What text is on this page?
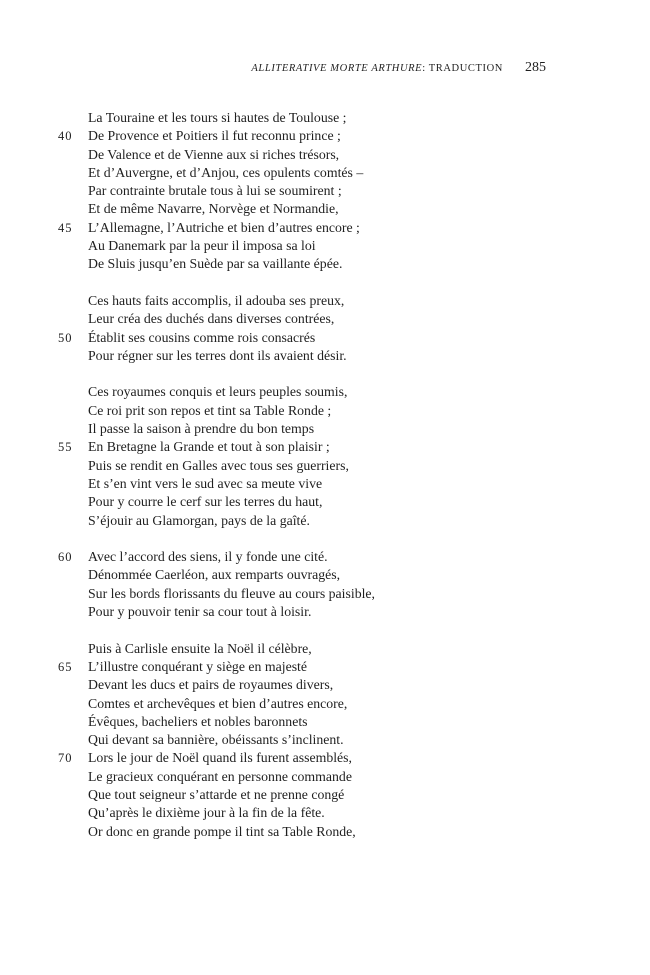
ALLITERATIVE MORTE ARTHURE : TRADUCTION 285
La Touraine et les tours si hautes de Toulouse ;
40	De Provence et Poitiers il fut reconnu prince ;
De Valence et de Vienne aux si riches trésors,
Et d’Auvergne, et d’Anjou, ces opulents comtés –
Par contrainte brutale tous à lui se soumirent ;
Et de même Navarre, Norvège et Normandie,
45	L’Allemagne, l’Autriche et bien d’autres encore ;
Au Danemark par la peur il imposa sa loi
De Sluis jusqu’en Suède par sa vaillante épée.
Ces hauts faits accomplis, il adouba ses preux,
Leur créa des duchés dans diverses contrées,
50	Établit ses cousins comme rois consacrés
Pour régner sur les terres dont ils avaient désir.
Ces royaumes conquis et leurs peuples soumis,
Ce roi prit son repos et tint sa Table Ronde ;
Il passe la saison à prendre du bon temps
55	En Bretagne la Grande et tout à son plaisir ;
Puis se rendit en Galles avec tous ses guerriers,
Et s’en vint vers le sud avec sa meute vive
Pour y courre le cerf sur les terres du haut,
S’éjouir au Glamorgan, pays de la gaîté.
60	Avec l’accord des siens, il y fonde une cité.
Dénommée Caerléon, aux remparts ouvragés,
Sur les bords florissants du fleuve au cours paisible,
Pour y pouvoir tenir sa cour tout à loisir.
Puis à Carlisle ensuite la Noël il célèbre,
65	L’illustre conquérant y siège en majesté
Devant les ducs et pairs de royaumes divers,
Comtes et archevêques et bien d’autres encore,
Évêques, bacheliers et nobles baronnets
Qui devant sa bannière, obéissants s’inclinent.
70	Lors le jour de Noël quand ils furent assemblés,
Le gracieux conquérant en personne commande
Que tout seigneur s’attarde et ne prenne congé
Qu’après le dixième jour à la fin de la fête.
Or donc en grande pompe il tint sa Table Ronde,
